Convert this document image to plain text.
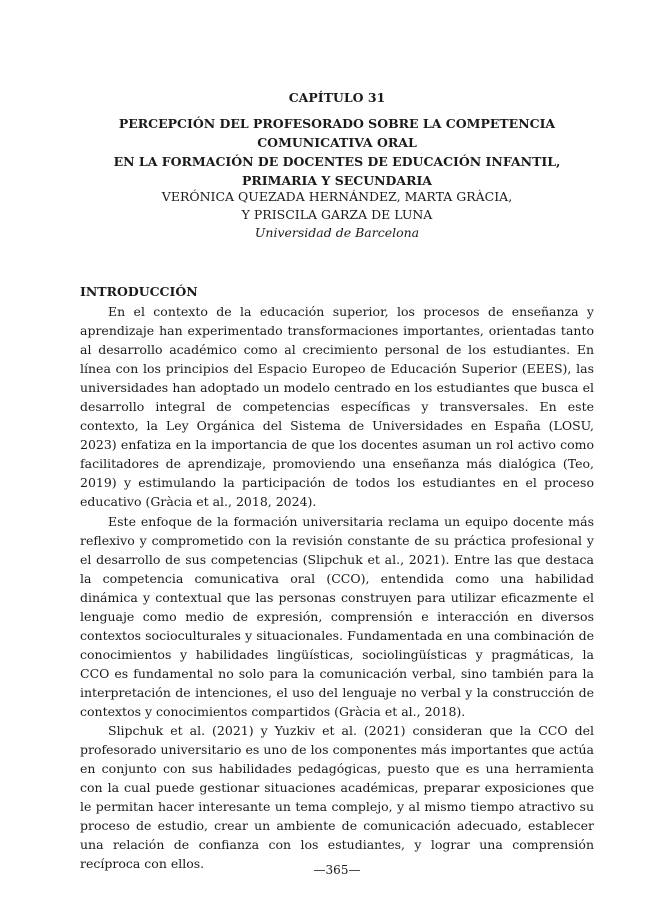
CAPÍTULO 31
PERCEPCIÓN DEL PROFESORADO SOBRE LA COMPETENCIA COMUNICATIVA ORAL
EN LA FORMACIÓN DE DOCENTES DE EDUCACIÓN INFANTIL,
PRIMARIA Y SECUNDARIA
VERÓNICA QUEZADA HERNÁNDEZ, MARTA GRÀCIA,
Y PRISCILA GARZA DE LUNA
Universidad de Barcelona
INTRODUCCIÓN

En el contexto de la educación superior, los procesos de enseñanza y aprendizaje han experimentado transformaciones importantes, orientadas tanto al desarrollo académico como al crecimiento personal de los estudiantes. En línea con los principios del Espacio Europeo de Educación Superior (EEES), las universidades han adoptado un modelo centrado en los estudiantes que busca el desarrollo integral de competencias específicas y transversales. En este contexto, la Ley Orgánica del Sistema de Universidades en España (LOSU, 2023) enfatiza en la importancia de que los docentes asuman un rol activo como facilitadores de aprendizaje, promoviendo una enseñanza más dialógica (Teo, 2019) y estimulando la participación de todos los estudiantes en el proceso educativo (Gràcia et al., 2018, 2024).

Este enfoque de la formación universitaria reclama un equipo docente más reflexivo y comprometido con la revisión constante de su práctica profesional y el desarrollo de sus competencias (Slipchuk et al., 2021). Entre las que destaca la competencia comunicativa oral (CCO), entendida como una habilidad dinámica y contextual que las personas construyen para utilizar eficazmente el lenguaje como medio de expresión, comprensión e interacción en diversos contextos socioculturales y situacionales. Fundamentada en una combinación de conocimientos y habilidades lingüísticas, sociolingüísticas y pragmáticas, la CCO es fundamental no solo para la comunicación verbal, sino también para la interpretación de intenciones, el uso del lenguaje no verbal y la construcción de contextos y conocimientos compartidos (Gràcia et al., 2018).

Slipchuk et al. (2021) y Yuzkiv et al. (2021) consideran que la CCO del profesorado universitario es uno de los componentes más importantes que actúa en conjunto con sus habilidades pedagógicas, puesto que es una herramienta con la cual puede gestionar situaciones académicas, preparar exposiciones que le permitan hacer interesante un tema complejo, y al mismo tiempo atractivo su proceso de estudio, crear un ambiente de comunicación adecuado, establecer una relación de confianza con los estudiantes, y lograr una comprensión recíproca con ellos.	—365—
